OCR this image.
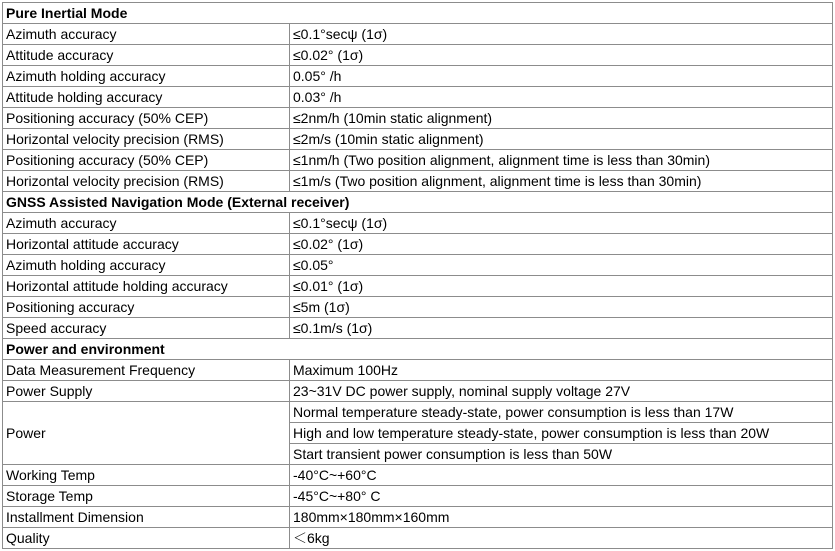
Pure Inertial Mode	
Azimuth accuracy	≤0.1°secψ (1σ)
Attitude accuracy	≤0.02° (1σ)
Azimuth holding accuracy	0.05° /h
Attitude holding accuracy	0.03° /h
Positioning accuracy (50% CEP)	≤2nm/h (10min static alignment)
Horizontal velocity precision (RMS)	≤2m/s (10min static alignment)
Positioning accuracy (50% CEP)	≤1nm/h (Two position alignment, alignment time is less than 30min)
Horizontal velocity precision (RMS)	≤1m/s (Two position alignment, alignment time is less than 30min)
GNSS Assisted Navigation Mode (External receiver)	
Azimuth accuracy	≤0.1°secψ (1σ)
Horizontal attitude accuracy	≤0.02° (1σ)
Azimuth holding accuracy	≤0.05°
Horizontal attitude holding accuracy	≤0.01° (1σ)
Positioning accuracy	≤5m (1σ)
Speed accuracy	≤0.1m/s (1σ)
Power and environment	
Data Measurement Frequency	Maximum 100Hz
Power Supply	23~31V DC power supply, nominal supply voltage 27V
Power	Normal temperature steady-state, power consumption is less than 17W
	High and low temperature steady-state, power consumption is less than 20W
	Start transient power consumption is less than 50W
Working Temp	-40°C~+60°C
Storage Temp	-45°C~+80° C
Installment Dimension	180mm×180mm×160mm
Quality	＜6kg
